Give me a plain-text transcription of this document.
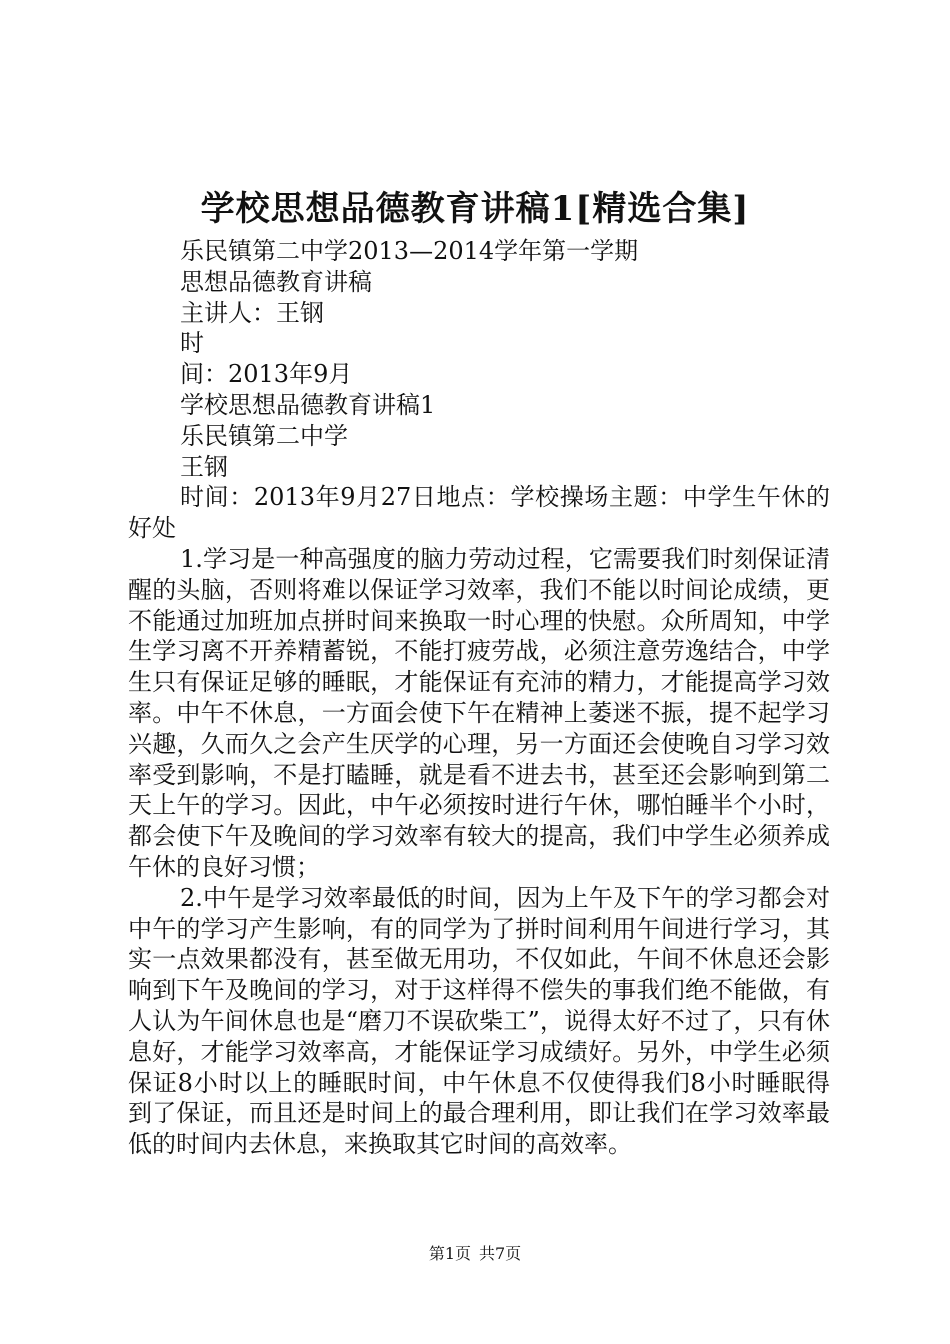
学校思想品德教育讲稿1[精选合集]
乐民镇第二中学2013—2014学年第一学期
思想品德教育讲稿
主讲人：王钢
时
间：2013年9月
学校思想品德教育讲稿1
乐民镇第二中学
王钢

时间：2013年9月27日地点：学校操场主题：中学生午休的好处

1.学习是一种高强度的脑力劳动过程，它需要我们时刻保证清醒的头脑，否则将难以保证学习效率，我们不能以时间论成绩，更不能通过加班加点拼时间来换取一时心理的快慰。众所周知，中学生学习离不开养精蓄锐，不能打疲劳战，必须注意劳逸结合，中学生只有保证足够的睡眠，才能保证有充沛的精力，才能提高学习效率。中午不休息，一方面会使下午在精神上萎迷不振，提不起学习兴趣，久而久之会产生厌学的心理，另一方面还会使晚自习学习效率受到影响，不是打瞌睡，就是看不进去书，甚至还会影响到第二天上午的学习。因此，中午必须按时进行午休，哪怕睡半个小时，都会使下午及晚间的学习效率有较大的提高，我们中学生必须养成午休的良好习惯；

2.中午是学习效率最低的时间，因为上午及下午的学习都会对中午的学习产生影响，有的同学为了拼时间利用午间进行学习，其实一点效果都没有，甚至做无用功，不仅如此，午间不休息还会影响到下午及晚间的学习，对于这样得不偿失的事我们绝不能做，有人认为午间休息也是“磨刀不误砍柴工”，说得太好不过了，只有休息好，才能学习效率高，才能保证学习成绩好。另外，中学生必须保证8小时以上的睡眠时间，中午休息不仅使得我们8小时睡眠得到了保证，而且还是时间上的最合理利用，即让我们在学习效率最低的时间内去休息，来换取其它时间的高效率。

第1页 共7页
